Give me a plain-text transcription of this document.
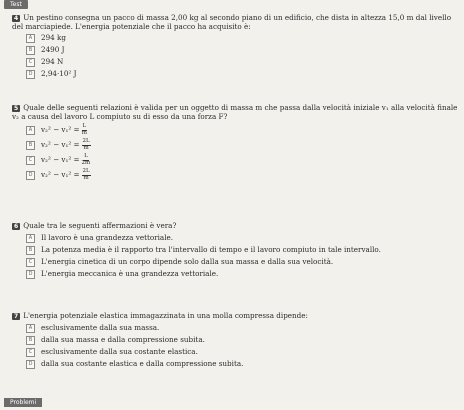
Test
4 Un pestino consegna un pacco di massa 2,00 kg al secondo piano di un edificio, che dista in altezza 15,0 m dal livello del marciapiede. L'energia potenziale che il pacco ha acquisito è:
A	294 kg
B	2490 J
C	294 N
D	2,94·10² J
5 Quale delle seguenti relazioni è valida per un oggetto di massa m che passa dalla velocità iniziale v₁ alla velocità finale v₂ a causa del lavoro L compiuto su di esso da una forza F?
A	$v_2^2 - v_1^2 = \frac{L}{m}$
B	$v_2^2 - v_1^2 = \frac{2L}{m}$
C	$v_2^2 - v_1^2 = \frac{L}{2m}$
D	$v_2^2 - v_1^2 = \frac{2L}{m}$
6 Quale tra le seguenti affermazioni è vera?
A	Il lavoro è una grandezza vettoriale.
B	La potenza media è il rapporto tra l'intervallo di tempo e il lavoro compiuto in tale intervallo.
C	L'energia cinetica di un corpo dipende solo dalla sua massa e dalla sua velocità.
D	L'energia meccanica è una grandezza vettoriale.
7 L'energia potenziale elastica immagazzinata in una molla compressa dipende:
A	esclusivamente dalla sua massa.
B	dalla sua massa e dalla compressione subita.
C	esclusivamente dalla sua costante elastica.
D	dalla sua costante elastica e dalla compressione subita.
Problemi
